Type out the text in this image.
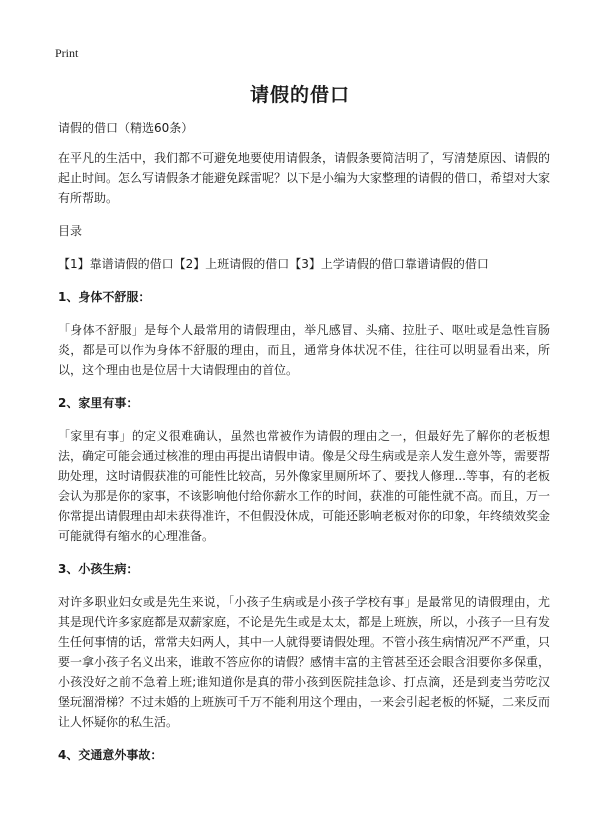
Print

请假的借口

请假的借口（精选60条）

在平凡的生活中，我们都不可避免地要使用请假条，请假条要简洁明了，写清楚原因、请假的起止时间。怎么写请假条才能避免踩雷呢？以下是小编为大家整理的请假的借口，希望对大家有所帮助。

目录

【1】靠谱请假的借口【2】上班请假的借口【3】上学请假的借口靠谱请假的借口

1、身体不舒服：

「身体不舒服」是每个人最常用的请假理由，举凡感冒、头痛、拉肚子、呕吐或是急性盲肠炎，都是可以作为身体不舒服的理由，而且，通常身体状况不佳，往往可以明显看出来，所以，这个理由也是位居十大请假理由的首位。

2、家里有事：

「家里有事」的定义很难确认，虽然也常被作为请假的理由之一，但最好先了解你的老板想法，确定可能会通过核准的理由再提出请假申请。像是父母生病或是亲人发生意外等，需要帮助处理，这时请假获准的可能性比较高，另外像家里厕所坏了、要找人修理...等事，有的老板会认为那是你的家事，不该影响他付给你薪水工作的时间，获准的可能性就不高。而且，万一你常提出请假理由却未获得准许，不但假没休成，可能还影响老板对你的印象，年终绩效奖金可能就得有缩水的心理准备。

3、小孩生病：

对许多职业妇女或是先生来说，「小孩子生病或是小孩子学校有事」是最常见的请假理由，尤其是现代许多家庭都是双薪家庭，不论是先生或是太太，都是上班族，所以，小孩子一旦有发生任何事情的话，常常夫妇两人，其中一人就得要请假处理。不管小孩生病情况严不严重，只要一拿小孩子名义出来，谁敢不答应你的请假？感情丰富的主管甚至还会眼含泪要你多保重，小孩没好之前不急着上班;谁知道你是真的带小孩到医院挂急诊、打点滴，还是到麦当劳吃汉堡玩溜滑梯？不过未婚的上班族可千万不能利用这个理由，一来会引起老板的怀疑，二来反而让人怀疑你的私生活。

4、交通意外事故：
